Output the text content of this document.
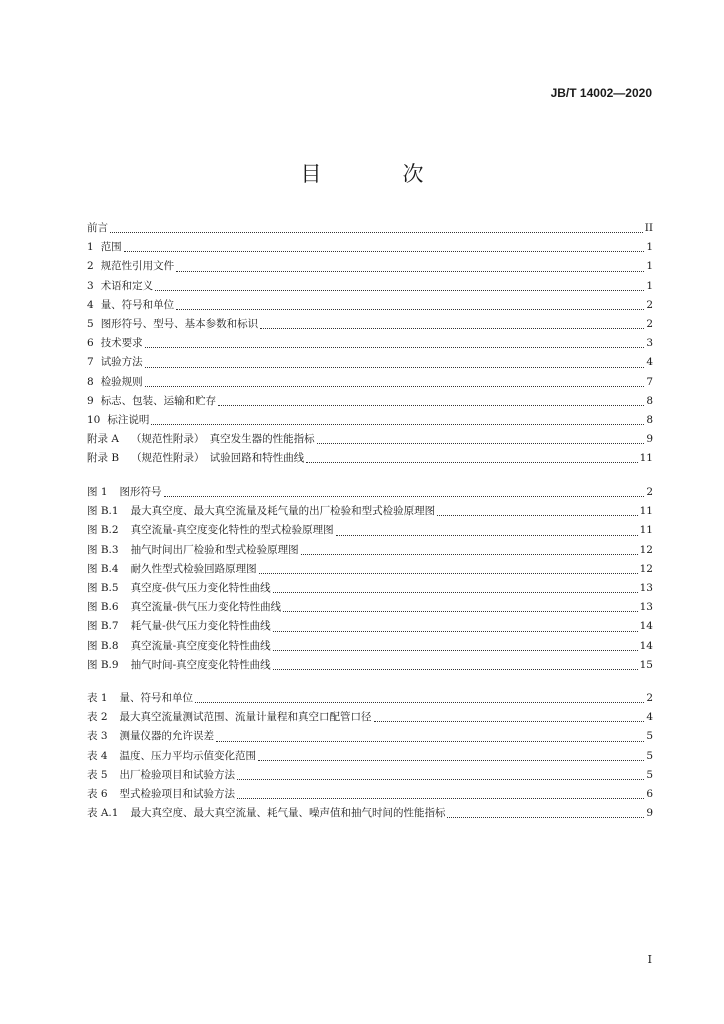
JB/T 14002—2020
目　次
前言	II
1 范围	1
2 规范性引用文件	1
3 术语和定义	1
4 量、符号和单位	2
5 图形符号、型号、基本参数和标识	2
6 技术要求	3
7 试验方法	4
8 检验规则	7
9 标志、包装、运输和贮存	8
10 标注说明	8
附录 A （规范性附录）　真空发生器的性能指标	9
附录 B （规范性附录）　试验回路和特性曲线	11
图 1 图形符号	2
图 B.1 最大真空度、最大真空流量及耗气量的出厂检验和型式检验原理图	11
图 B.2 真空流量-真空度变化特性的型式检验原理图	11
图 B.3 抽气时间出厂检验和型式检验原理图	12
图 B.4 耐久性型式检验回路原理图	12
图 B.5 真空度-供气压力变化特性曲线	13
图 B.6 真空流量-供气压力变化特性曲线	13
图 B.7 耗气量-供气压力变化特性曲线	14
图 B.8 真空流量-真空度变化特性曲线	14
图 B.9 抽气时间-真空度变化特性曲线	15
表 1 量、符号和单位	2
表 2 最大真空流量测试范围、流量计量程和真空口配管口径	4
表 3 测量仪器的允许误差	5
表 4 温度、压力平均示值变化范围	5
表 5 出厂检验项目和试验方法	5
表 6 型式检验项目和试验方法	6
表 A.1 最大真空度、最大真空流量、耗气量、噪声值和抽气时间的性能指标	9
I
